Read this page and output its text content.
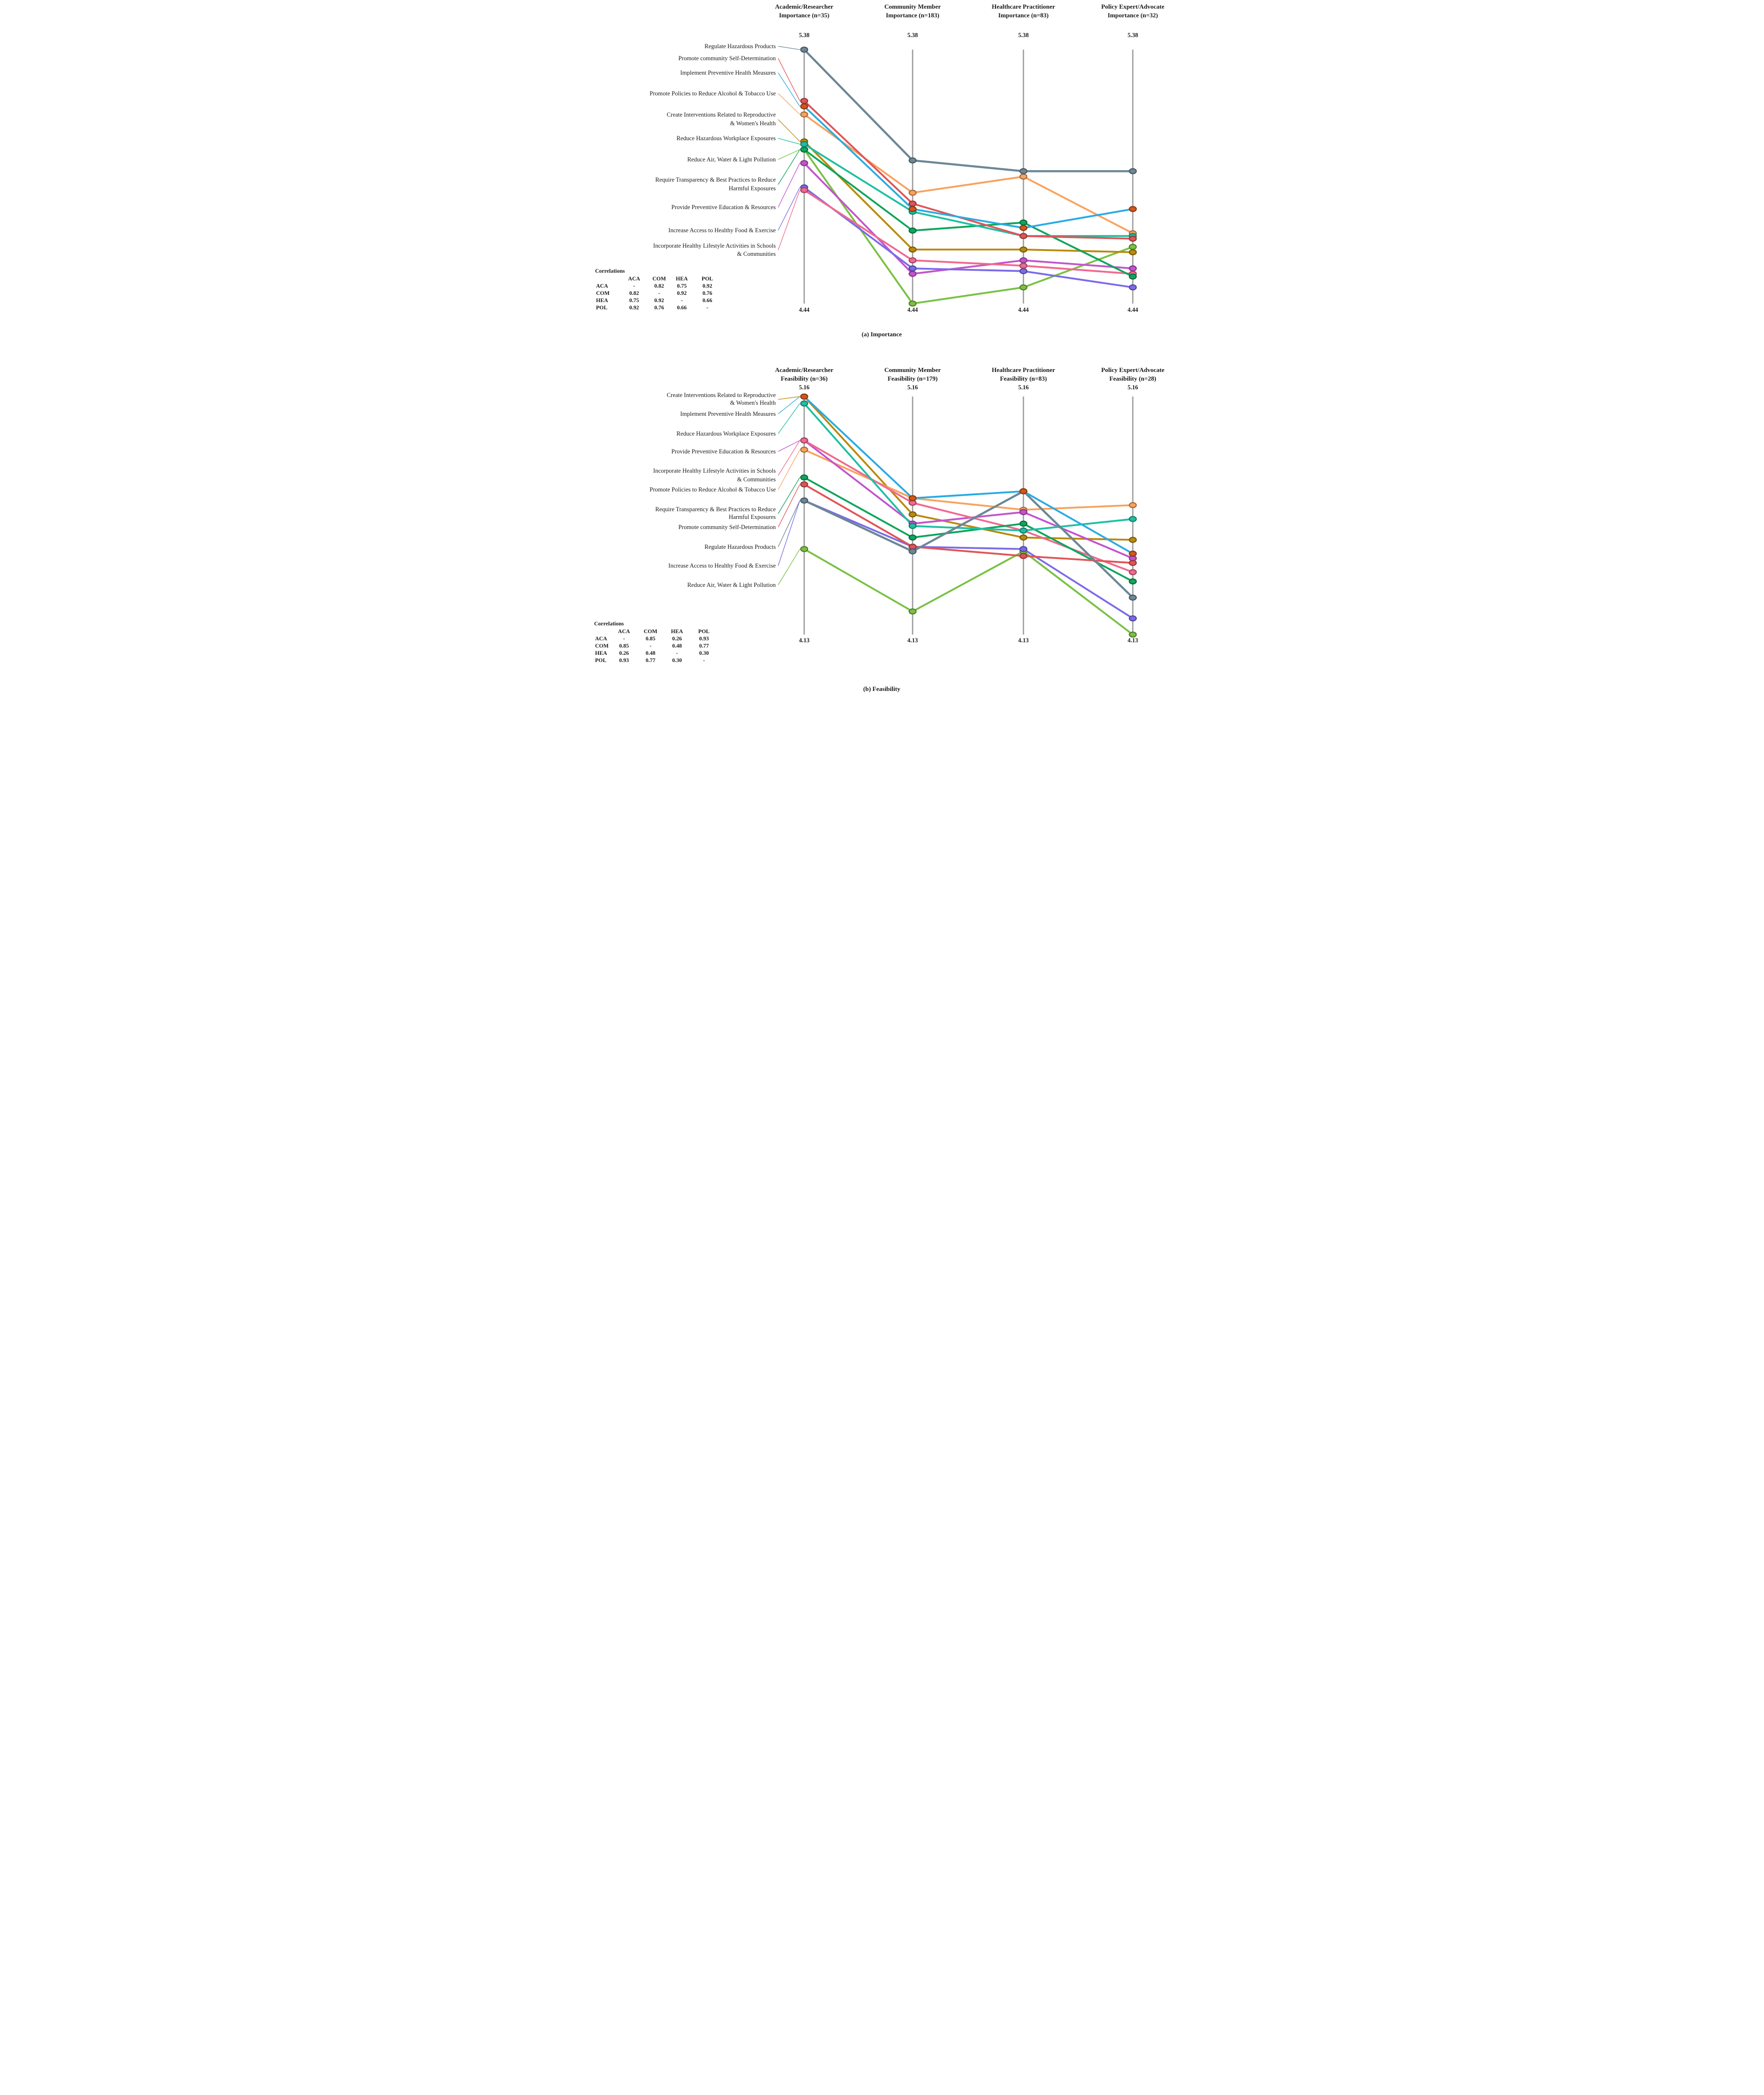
Academic/Researcher
Importance (n=35)
5.38
4.44
Community Member
Importance (n=183)
5.38
4.44
Healthcare Practitioner
Importance (n=83)
5.38
4.44
Policy Expert/Advocate
Importance (n=32)
5.38
4.44
Regulate Hazardous Products
Promote community Self-Determination
Implement Preventive Health Measures
Promote Policies to Reduce Alcohol & Tobacco Use
Create Interventions Related to Reproductive
& Women's Health
Reduce Hazardous Workplace Exposures
Reduce Air, Water & Light Pollution
Require Transparency & Best Practices to Reduce
Harmful Exposures
Provide Preventive Education & Resources
Increase Access to Healthy Food & Exercise
Incorporate Healthy Lifestyle Activities in Schools
& Communities
Correlations
ACA COM HEA POL
ACA	-	0.82 0.75	0.92
COM	0.82	-	0.92	0.76
HEA	0.75	0.92	-	0.66
POL	0.92	0.76 0.66	-
(a) Importance
Academic/Researcher
Feasibility (n=36)
5.16
4.13
Community Member
Feasibility (n=179)
5.16
4.13
Healthcare Practitioner
Feasibility (n=83)
5.16
4.13
Policy Expert/Advocate
Feasibility (n=28)
5.16
4.13
Create Interventions Related to Reproductive
& Women's Health
Implement Preventive Health Measures
Reduce Hazardous Workplace Exposures
Provide Preventive Education & Resources
Incorporate Healthy Lifestyle Activities in Schools
& Communities
Promote Policies to Reduce Alcohol & Tobacco Use
Require Transparency & Best Practices to Reduce
Harmful Exposures
Promote community Self-Determination
Regulate Hazardous Products
Increase Access to Healthy Food & Exercise
Reduce Air, Water & Light Pollution
Correlations
ACA COM HEA	POL
ACA	-	0.85	0.26	0.93
COM 0.85	-	0.48	0.77
HEA 0.26	0.48	-	0.30
POL 0.93	0.77	0.30	-
(b) Feasibility
